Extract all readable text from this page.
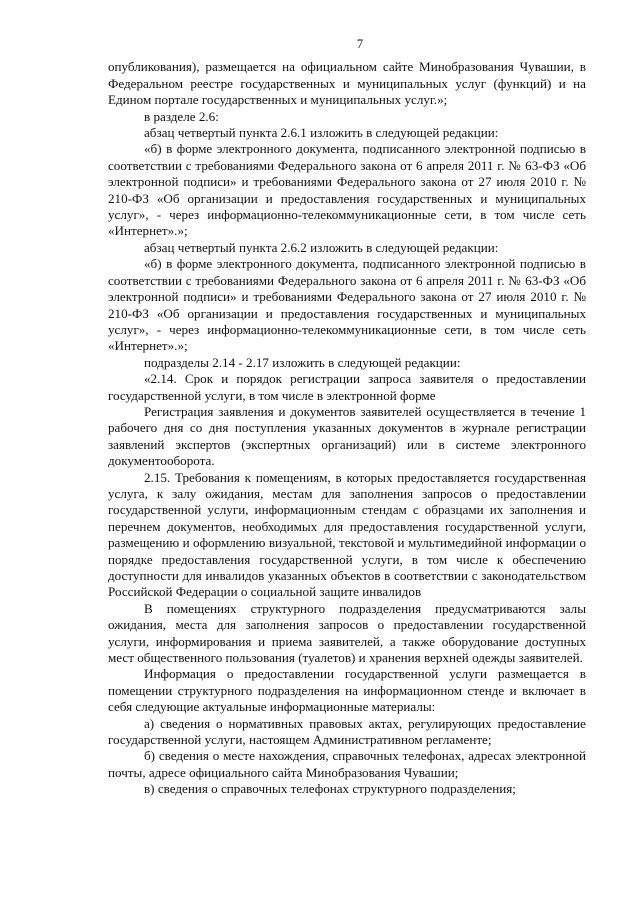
7

опубликования), размещается на официальном сайте Минобразования Чувашии, в Федеральном реестре государственных и муниципальных услуг (функций) и на Едином портале государственных и муниципальных услуг.»;

в разделе 2.6:

абзац четвертый пункта 2.6.1 изложить в следующей редакции:

«б) в форме электронного документа, подписанного электронной подписью в соответствии с требованиями Федерального закона от 6 апреля 2011 г. № 63-ФЗ «Об электронной подписи» и требованиями Федерального закона от 27 июля 2010 г. № 210-ФЗ «Об организации и предоставления государственных и муниципальных услуг», - через информационно-телекоммуникационные сети, в том числе сеть «Интернет».»;

абзац четвертый пункта 2.6.2 изложить в следующей редакции:

«б) в форме электронного документа, подписанного электронной подписью в соответствии с требованиями Федерального закона от 6 апреля 2011 г. № 63-ФЗ «Об электронной подписи» и требованиями Федерального закона от 27 июля 2010 г. № 210-ФЗ «Об организации и предоставления государственных и муниципальных услуг», - через информационно-телекоммуникационные сети, в том числе сеть «Интернет».»;

подразделы 2.14 - 2.17 изложить в следующей редакции:

«2.14. Срок и порядок регистрации запроса заявителя о предоставлении государственной услуги, в том числе в электронной форме

Регистрация заявления и документов заявителей осуществляется в течение 1 рабочего дня со дня поступления указанных документов в журнале регистрации заявлений экспертов (экспертных организаций) или в системе электронного документооборота.

2.15. Требования к помещениям, в которых предоставляется государственная услуга, к залу ожидания, местам для заполнения запросов о предоставлении государственной услуги, информационным стендам с образцами их заполнения и перечнем документов, необходимых для предоставления государственной услуги, размещению и оформлению визуальной, текстовой и мультимедийной информации о порядке предоставления государственной услуги, в том числе к обеспечению доступности для инвалидов указанных объектов в соответствии с законодательством Российской Федерации о социальной защите инвалидов

В помещениях структурного подразделения предусматриваются залы ожидания, места для заполнения запросов о предоставлении государственной услуги, информирования и приема заявителей, а также оборудование доступных мест общественного пользования (туалетов) и хранения верхней одежды заявителей.

Информация о предоставлении государственной услуги размещается в помещении структурного подразделения на информационном стенде и включает в себя следующие актуальные информационные материалы:

а) сведения о нормативных правовых актах, регулирующих предоставление государственной услуги, настоящем Административном регламенте;

б) сведения о месте нахождения, справочных телефонах, адресах электронной почты, адресе официального сайта Минобразования Чувашии;

в) сведения о справочных телефонах структурного подразделения;
